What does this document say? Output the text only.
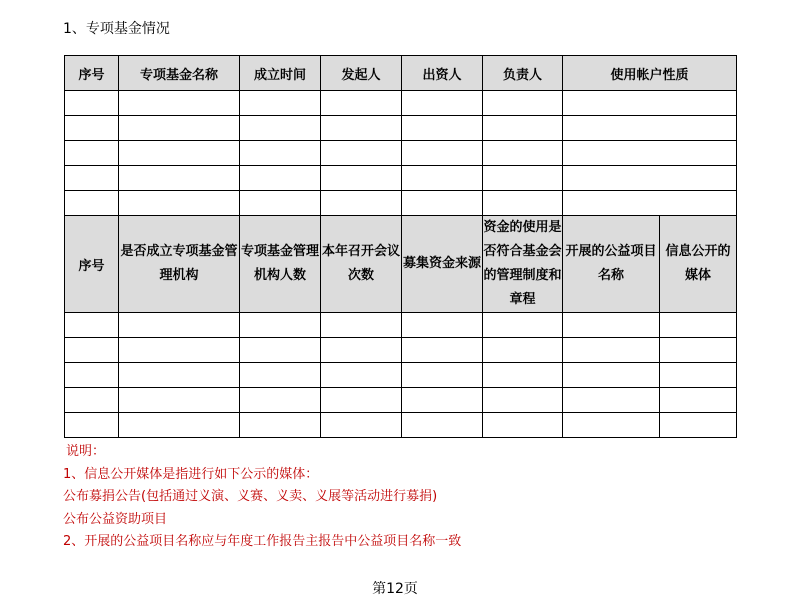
1、专项基金情况
序号	专项基金名称	成立时间	发起人	出资人	负责人	使用帐户性质

序号	是否成立专项基金管理机构	专项基金管理机构人数	本年召开会议次数	募集资金来源	资金的使用是否符合基金会的管理制度和章程	开展的公益项目名称	信息公开的媒体

说明：
1、信息公开媒体是指进行如下公示的媒体：
公布募捐公告(包括通过义演、义赛、义卖、义展等活动进行募捐)
公布公益资助项目
2、开展的公益项目名称应与年度工作报告主报告中公益项目名称一致
第12页
